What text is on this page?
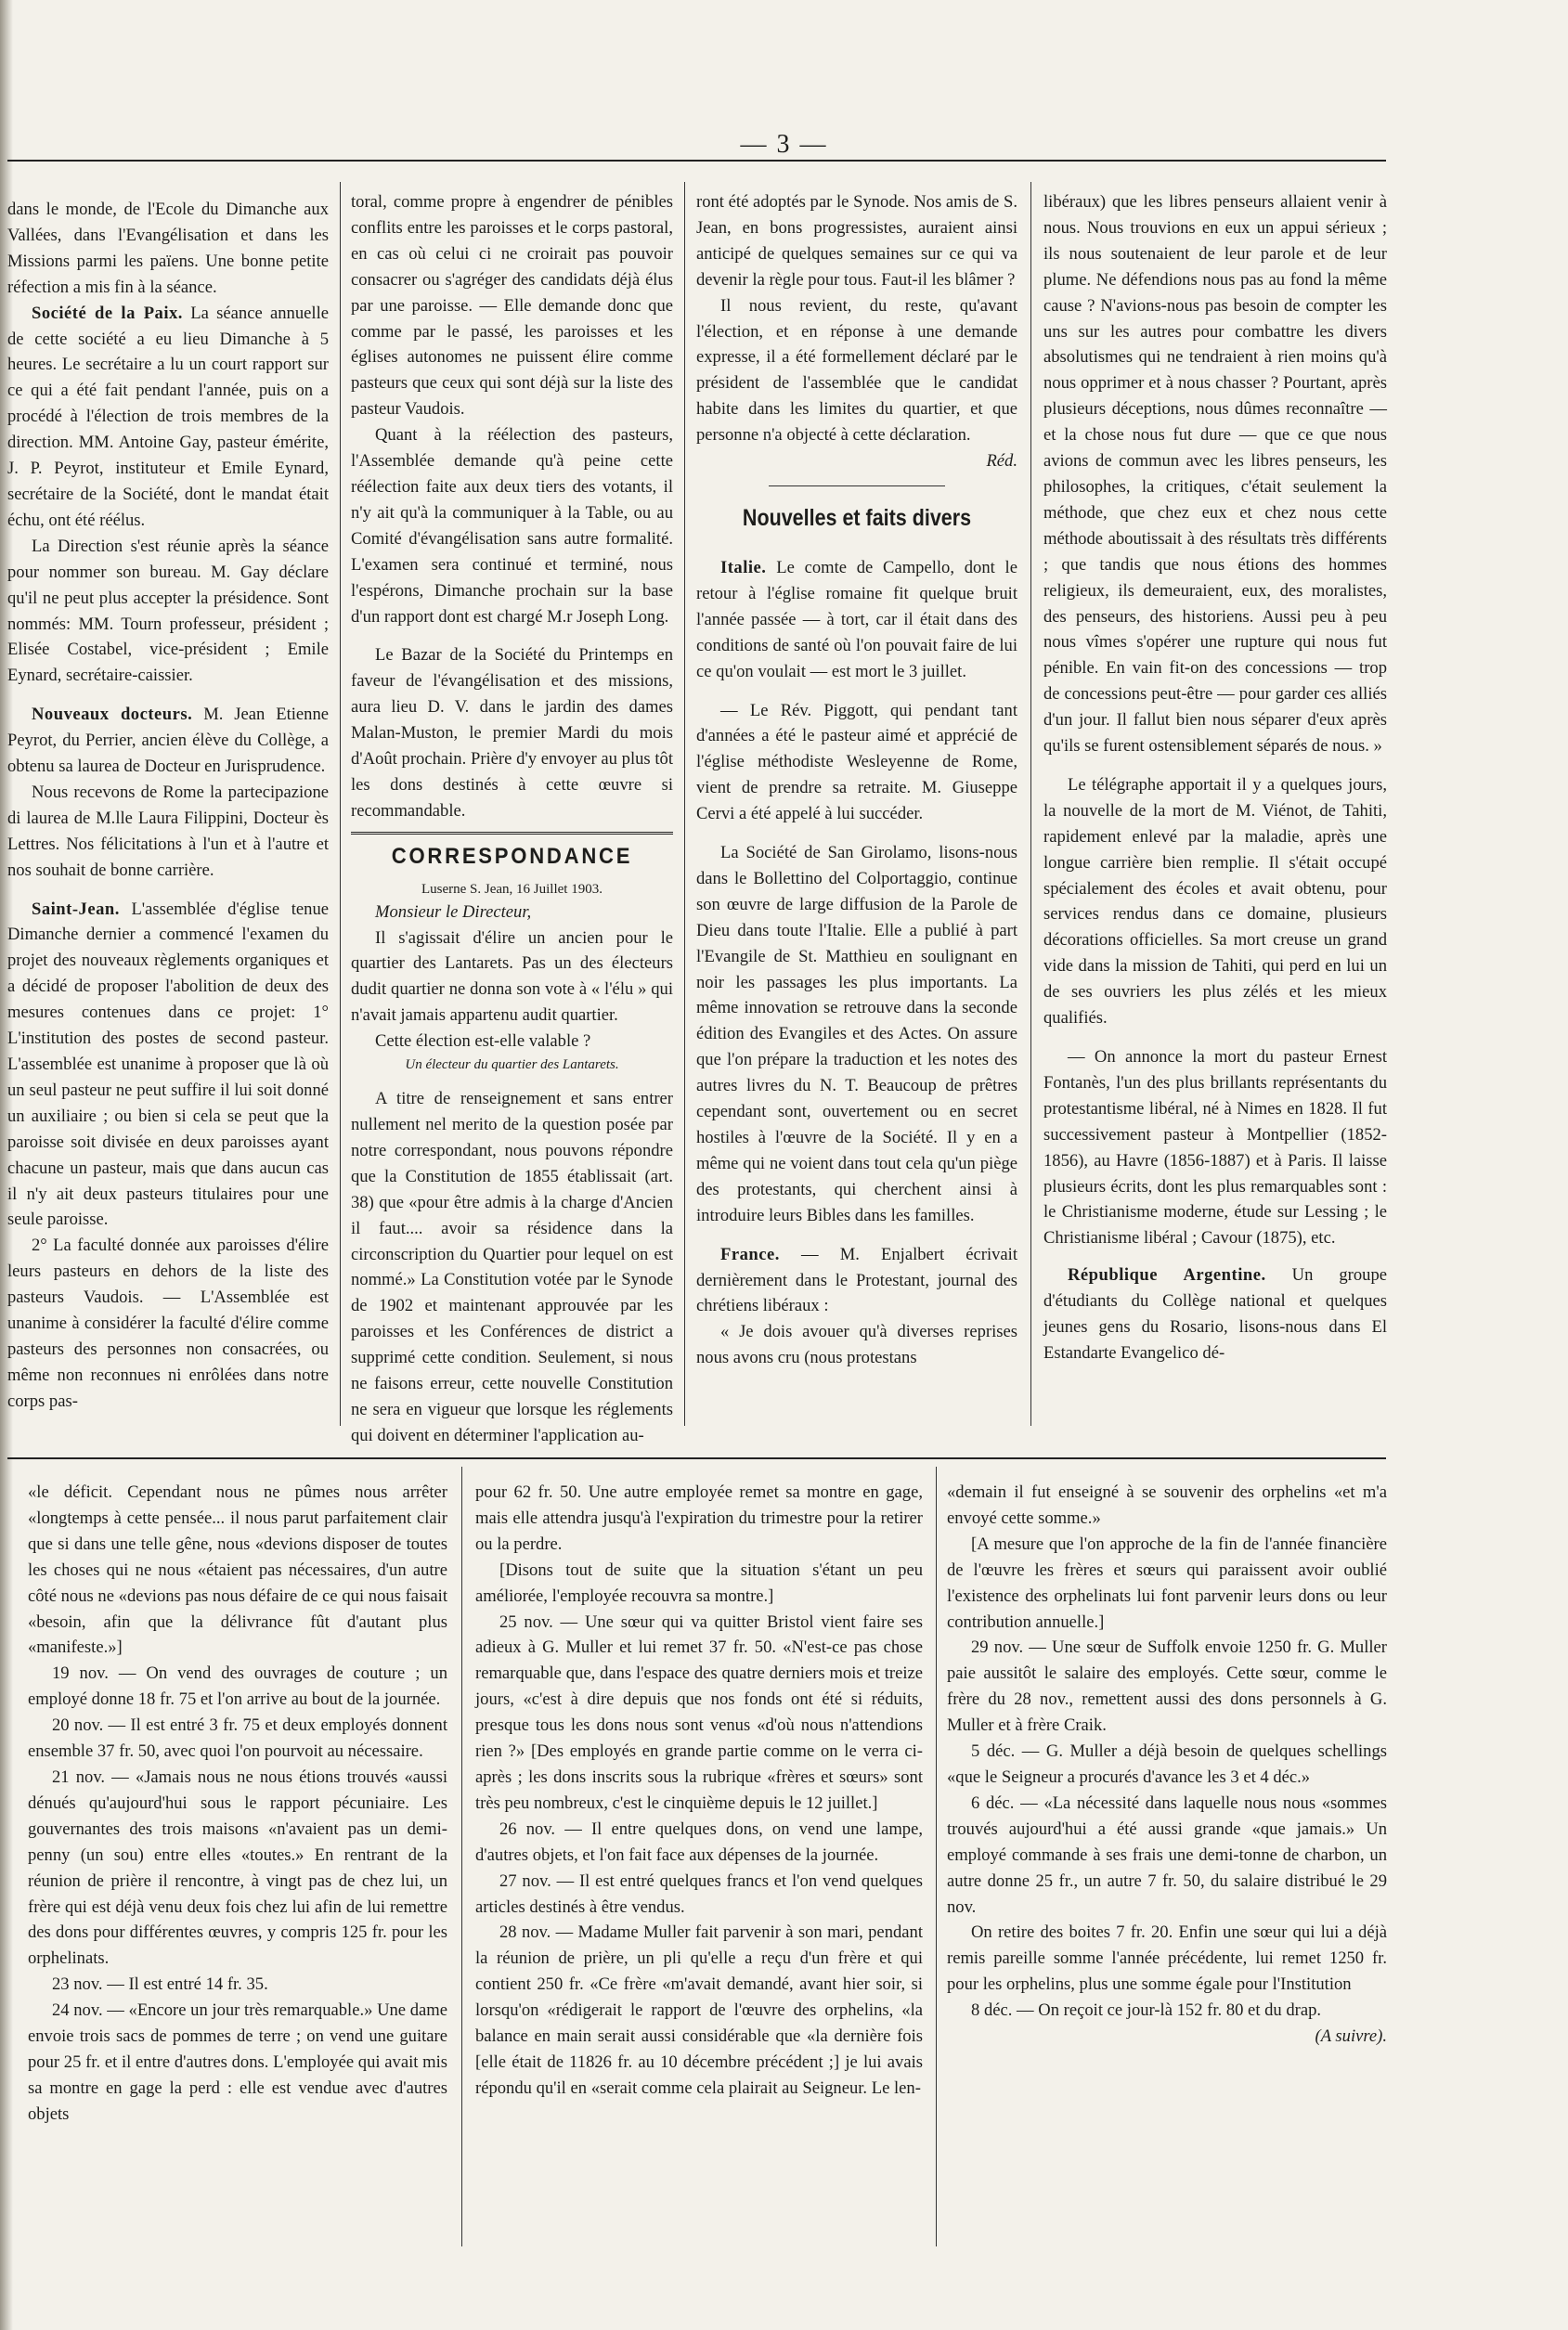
— 3 —

dans le monde, de l'Ecole du Dimanche aux Vallées, dans l'Evangélisation et dans les Missions parmi les païens. Une bonne petite réfection a mis fin à la séance.

Société de la Paix. La séance annuelle de cette société a eu lieu Dimanche à 5 heures. Le secrétaire a lu un court rapport sur ce qui a été fait pendant l'année, puis on a procédé à l'élection de trois membres de la direction. MM. Antoine Gay, pasteur émérite, J. P. Peyrot, instituteur et Emile Eynard, secrétaire de la Société, dont le mandat était échu, ont été réélus.

La Direction s'est réunie après la séance pour nommer son bureau. M. Gay déclare qu'il ne peut plus accepter la présidence. Sont nommés: MM. Tourn professeur, président ; Elisée Costabel, vice-président ; Emile Eynard, secrétaire-caissier.

Nouveaux docteurs. M. Jean Etienne Peyrot, du Perrier, ancien élève du Collège, a obtenu sa laurea de Docteur en Jurisprudence.

Nous recevons de Rome la partecipazione di laurea de M.lle Laura Filippini, Docteur ès Lettres. Nos félicitations à l'un et à l'autre et nos souhait de bonne carrière.

Saint-Jean. L'assemblée d'église tenue Dimanche dernier a commencé l'examen du projet des nouveaux règlements organiques et a décidé de proposer l'abolition de deux des mesures contenues dans ce projet: 1° L'institution des postes de second pasteur. L'assemblée est unanime à proposer que là où un seul pasteur ne peut suffire il lui soit donné un auxiliaire ; ou bien si cela se peut que la paroisse soit divisée en deux paroisses ayant chacune un pasteur, mais que dans aucun cas il n'y ait deux pasteurs titulaires pour une seule paroisse.

2° La faculté donnée aux paroisses d'élire leurs pasteurs en dehors de la liste des pasteurs Vaudois. — L'Assemblée est unanime à considérer la faculté d'élire comme pasteurs des personnes non consacrées, ou même non reconnues ni enrôlées dans notre corps pas-

toral, comme propre à engendrer de pénibles conflits entre les paroisses et le corps pastoral, en cas où celui ci ne croirait pas pouvoir consacrer ou s'agréger des candidats déjà élus par une paroisse. — Elle demande donc que comme par le passé, les paroisses et les églises autonomes ne puissent élire comme pasteurs que ceux qui sont déjà sur la liste des pasteur Vaudois.

Quant à la réélection des pasteurs, l'Assemblée demande qu'à peine cette réélection faite aux deux tiers des votants, il n'y ait qu'à la communiquer à la Table, ou au Comité d'évangélisation sans autre formalité. L'examen sera continué et terminé, nous l'espérons, Dimanche prochain sur la base d'un rapport dont est chargé M.r Joseph Long.

Le Bazar de la Société du Printemps en faveur de l'évangélisation et des missions, aura lieu D. V. dans le jardin des dames Malan-Muston, le premier Mardi du mois d'Août prochain. Prière d'y envoyer au plus tôt les dons destinés à cette œuvre si recommandable.

CORRESPONDANCE

Luserne S. Jean, 16 Juillet 1903.

Monsieur le Directeur,

Il s'agissait d'élire un ancien pour le quartier des Lantarets. Pas un des électeurs dudit quartier ne donna son vote à « l'élu » qui n'avait jamais appartenu audit quartier.

Cette élection est-elle valable ?

Un électeur du quartier des Lantarets.

A titre de renseignement et sans entrer nullement nel merito de la question posée par notre correspondant, nous pouvons répondre que la Constitution de 1855 établissait (art. 38) que «pour être admis à la charge d'Ancien il faut.... avoir sa résidence dans la circonscription du Quartier pour lequel on est nommé.» La Constitution votée par le Synode de 1902 et maintenant approuvée par les paroisses et les Conférences de district a supprimé cette condition. Seulement, si nous ne faisons erreur, cette nouvelle Constitution ne sera en vigueur que lorsque les réglements qui doivent en déterminer l'application au-

ront été adoptés par le Synode. Nos amis de S. Jean, en bons progressistes, auraient ainsi anticipé de quelques semaines sur ce qui va devenir la règle pour tous. Faut-il les blâmer ?

Il nous revient, du reste, qu'avant l'élection, et en réponse à une demande expresse, il a été formellement déclaré par le président de l'assemblée que le candidat habite dans les limites du quartier, et que personne n'a objecté à cette déclaration.

Réd.

Nouvelles et faits divers

Italie. Le comte de Campello, dont le retour à l'église romaine fit quelque bruit l'année passée — à tort, car il était dans des conditions de santé où l'on pouvait faire de lui ce qu'on voulait — est mort le 3 juillet.

— Le Rév. Piggott, qui pendant tant d'années a été le pasteur aimé et apprécié de l'église méthodiste Wesleyenne de Rome, vient de prendre sa retraite. M. Giuseppe Cervi a été appelé à lui succéder.

La Société de San Girolamo, lisons-nous dans le Bollettino del Colportaggio, continue son œuvre de large diffusion de la Parole de Dieu dans toute l'Italie. Elle a publié à part l'Evangile de St. Matthieu en soulignant en noir les passages les plus importants. La même innovation se retrouve dans la seconde édition des Evangiles et des Actes. On assure que l'on prépare la traduction et les notes des autres livres du N. T. Beaucoup de prêtres cependant sont, ouvertement ou en secret hostiles à l'œuvre de la Société. Il y en a même qui ne voient dans tout cela qu'un piège des protestants, qui cherchent ainsi à introduire leurs Bibles dans les familles.

France. — M. Enjalbert écrivait dernièrement dans le Protestant, journal des chrétiens libéraux :

« Je dois avouer qu'à diverses reprises nous avons cru (nous protestans

libéraux) que les libres penseurs allaient venir à nous. Nous trouvions en eux un appui sérieux ; ils nous soutenaient de leur parole et de leur plume. Ne défendions nous pas au fond la même cause ? N'avions-nous pas besoin de compter les uns sur les autres pour combattre les divers absolutismes qui ne tendraient à rien moins qu'à nous opprimer et à nous chasser ? Pourtant, après plusieurs déceptions, nous dûmes reconnaître — et la chose nous fut dure — que ce que nous avions de commun avec les libres penseurs, les philosophes, la critiques, c'était seulement la méthode, que chez eux et chez nous cette méthode aboutissait à des résultats très différents ; que tandis que nous étions des hommes religieux, ils demeuraient, eux, des moralistes, des penseurs, des historiens. Aussi peu à peu nous vîmes s'opérer une rupture qui nous fut pénible. En vain fit-on des concessions — trop de concessions peut-être — pour garder ces alliés d'un jour. Il fallut bien nous séparer d'eux après qu'ils se furent ostensiblement séparés de nous. »

Le télégraphe apportait il y a quelques jours, la nouvelle de la mort de M. Viénot, de Tahiti, rapidement enlevé par la maladie, après une longue carrière bien remplie. Il s'était occupé spécialement des écoles et avait obtenu, pour services rendus dans ce domaine, plusieurs décorations officielles. Sa mort creuse un grand vide dans la mission de Tahiti, qui perd en lui un de ses ouvriers les plus zélés et les mieux qualifiés.

— On annonce la mort du pasteur Ernest Fontanès, l'un des plus brillants représentants du protestantisme libéral, né à Nimes en 1828. Il fut successivement pasteur à Montpellier (1852-1856), au Havre (1856-1887) et à Paris. Il laisse plusieurs écrits, dont les plus remarquables sont : le Christianisme moderne, étude sur Lessing ; le Christianisme libéral ; Cavour (1875), etc.

République Argentine. Un groupe d'étudiants du Collège national et quelques jeunes gens du Rosario, lisons-nous dans El Estandarte Evangelico dé-

«le déficit. Cependant nous ne pûmes nous arrêter «longtemps à cette pensée... il nous parut parfaitement clair que si dans une telle gêne, nous «devions disposer de toutes les choses qui ne nous «étaient pas nécessaires, d'un autre côté nous ne «devions pas nous défaire de ce qui nous faisait «besoin, afin que la délivrance fût d'autant plus «manifeste.»]

19 nov. — On vend des ouvrages de couture ; un employé donne 18 fr. 75 et l'on arrive au bout de la journée.

20 nov. — Il est entré 3 fr. 75 et deux employés donnent ensemble 37 fr. 50, avec quoi l'on pourvoit au nécessaire.

21 nov. — «Jamais nous ne nous étions trouvés «aussi dénués qu'aujourd'hui sous le rapport pécuniaire. Les gouvernantes des trois maisons «n'avaient pas un demi-penny (un sou) entre elles «toutes.» En rentrant de la réunion de prière il rencontre, à vingt pas de chez lui, un frère qui est déjà venu deux fois chez lui afin de lui remettre des dons pour différentes œuvres, y compris 125 fr. pour les orphelinats.

23 nov. — Il est entré 14 fr. 35.

24 nov. — «Encore un jour très remarquable.» Une dame envoie trois sacs de pommes de terre ; on vend une guitare pour 25 fr. et il entre d'autres dons. L'employée qui avait mis sa montre en gage la perd : elle est vendue avec d'autres objets

pour 62 fr. 50. Une autre employée remet sa montre en gage, mais elle attendra jusqu'à l'expiration du trimestre pour la retirer ou la perdre.

[Disons tout de suite que la situation s'étant un peu améliorée, l'employée recouvra sa montre.]

25 nov. — Une sœur qui va quitter Bristol vient faire ses adieux à G. Muller et lui remet 37 fr. 50. «N'est-ce pas chose remarquable que, dans l'espace des quatre derniers mois et treize jours, «c'est à dire depuis que nos fonds ont été si réduits, presque tous les dons nous sont venus «d'où nous n'attendions rien ?» [Des employés en grande partie comme on le verra ci-après ; les dons inscrits sous la rubrique «frères et sœurs» sont très peu nombreux, c'est le cinquième depuis le 12 juillet.]

26 nov. — Il entre quelques dons, on vend une lampe, d'autres objets, et l'on fait face aux dépenses de la journée.

27 nov. — Il est entré quelques francs et l'on vend quelques articles destinés à être vendus.

28 nov. — Madame Muller fait parvenir à son mari, pendant la réunion de prière, un pli qu'elle a reçu d'un frère et qui contient 250 fr. «Ce frère «m'avait demandé, avant hier soir, si lorsqu'on «rédigerait le rapport de l'œuvre des orphelins, «la balance en main serait aussi considérable que «la dernière fois [elle était de 11826 fr. au 10 décembre précédent ;] je lui avais répondu qu'il en «serait comme cela plairait au Seigneur. Le len-

«demain il fut enseigné à se souvenir des orphelins «et m'a envoyé cette somme.»

[A mesure que l'on approche de la fin de l'année financière de l'œuvre les frères et sœurs qui paraissent avoir oublié l'existence des orphelinats lui font parvenir leurs dons ou leur contribution annuelle.]

29 nov. — Une sœur de Suffolk envoie 1250 fr. G. Muller paie aussitôt le salaire des employés. Cette sœur, comme le frère du 28 nov., remettent aussi des dons personnels à G. Muller et à frère Craik.

5 déc. — G. Muller a déjà besoin de quelques schellings «que le Seigneur a procurés d'avance les 3 et 4 déc.»

6 déc. — «La nécessité dans laquelle nous nous «sommes trouvés aujourd'hui a été aussi grande «que jamais.» Un employé commande à ses frais une demi-tonne de charbon, un autre donne 25 fr., un autre 7 fr. 50, du salaire distribué le 29 nov.

On retire des boites 7 fr. 20. Enfin une sœur qui lui a déjà remis pareille somme l'année précédente, lui remet 1250 fr. pour les orphelins, plus une somme égale pour l'Institution

8 déc. — On reçoit ce jour-là 152 fr. 80 et du drap.

(A suivre).
